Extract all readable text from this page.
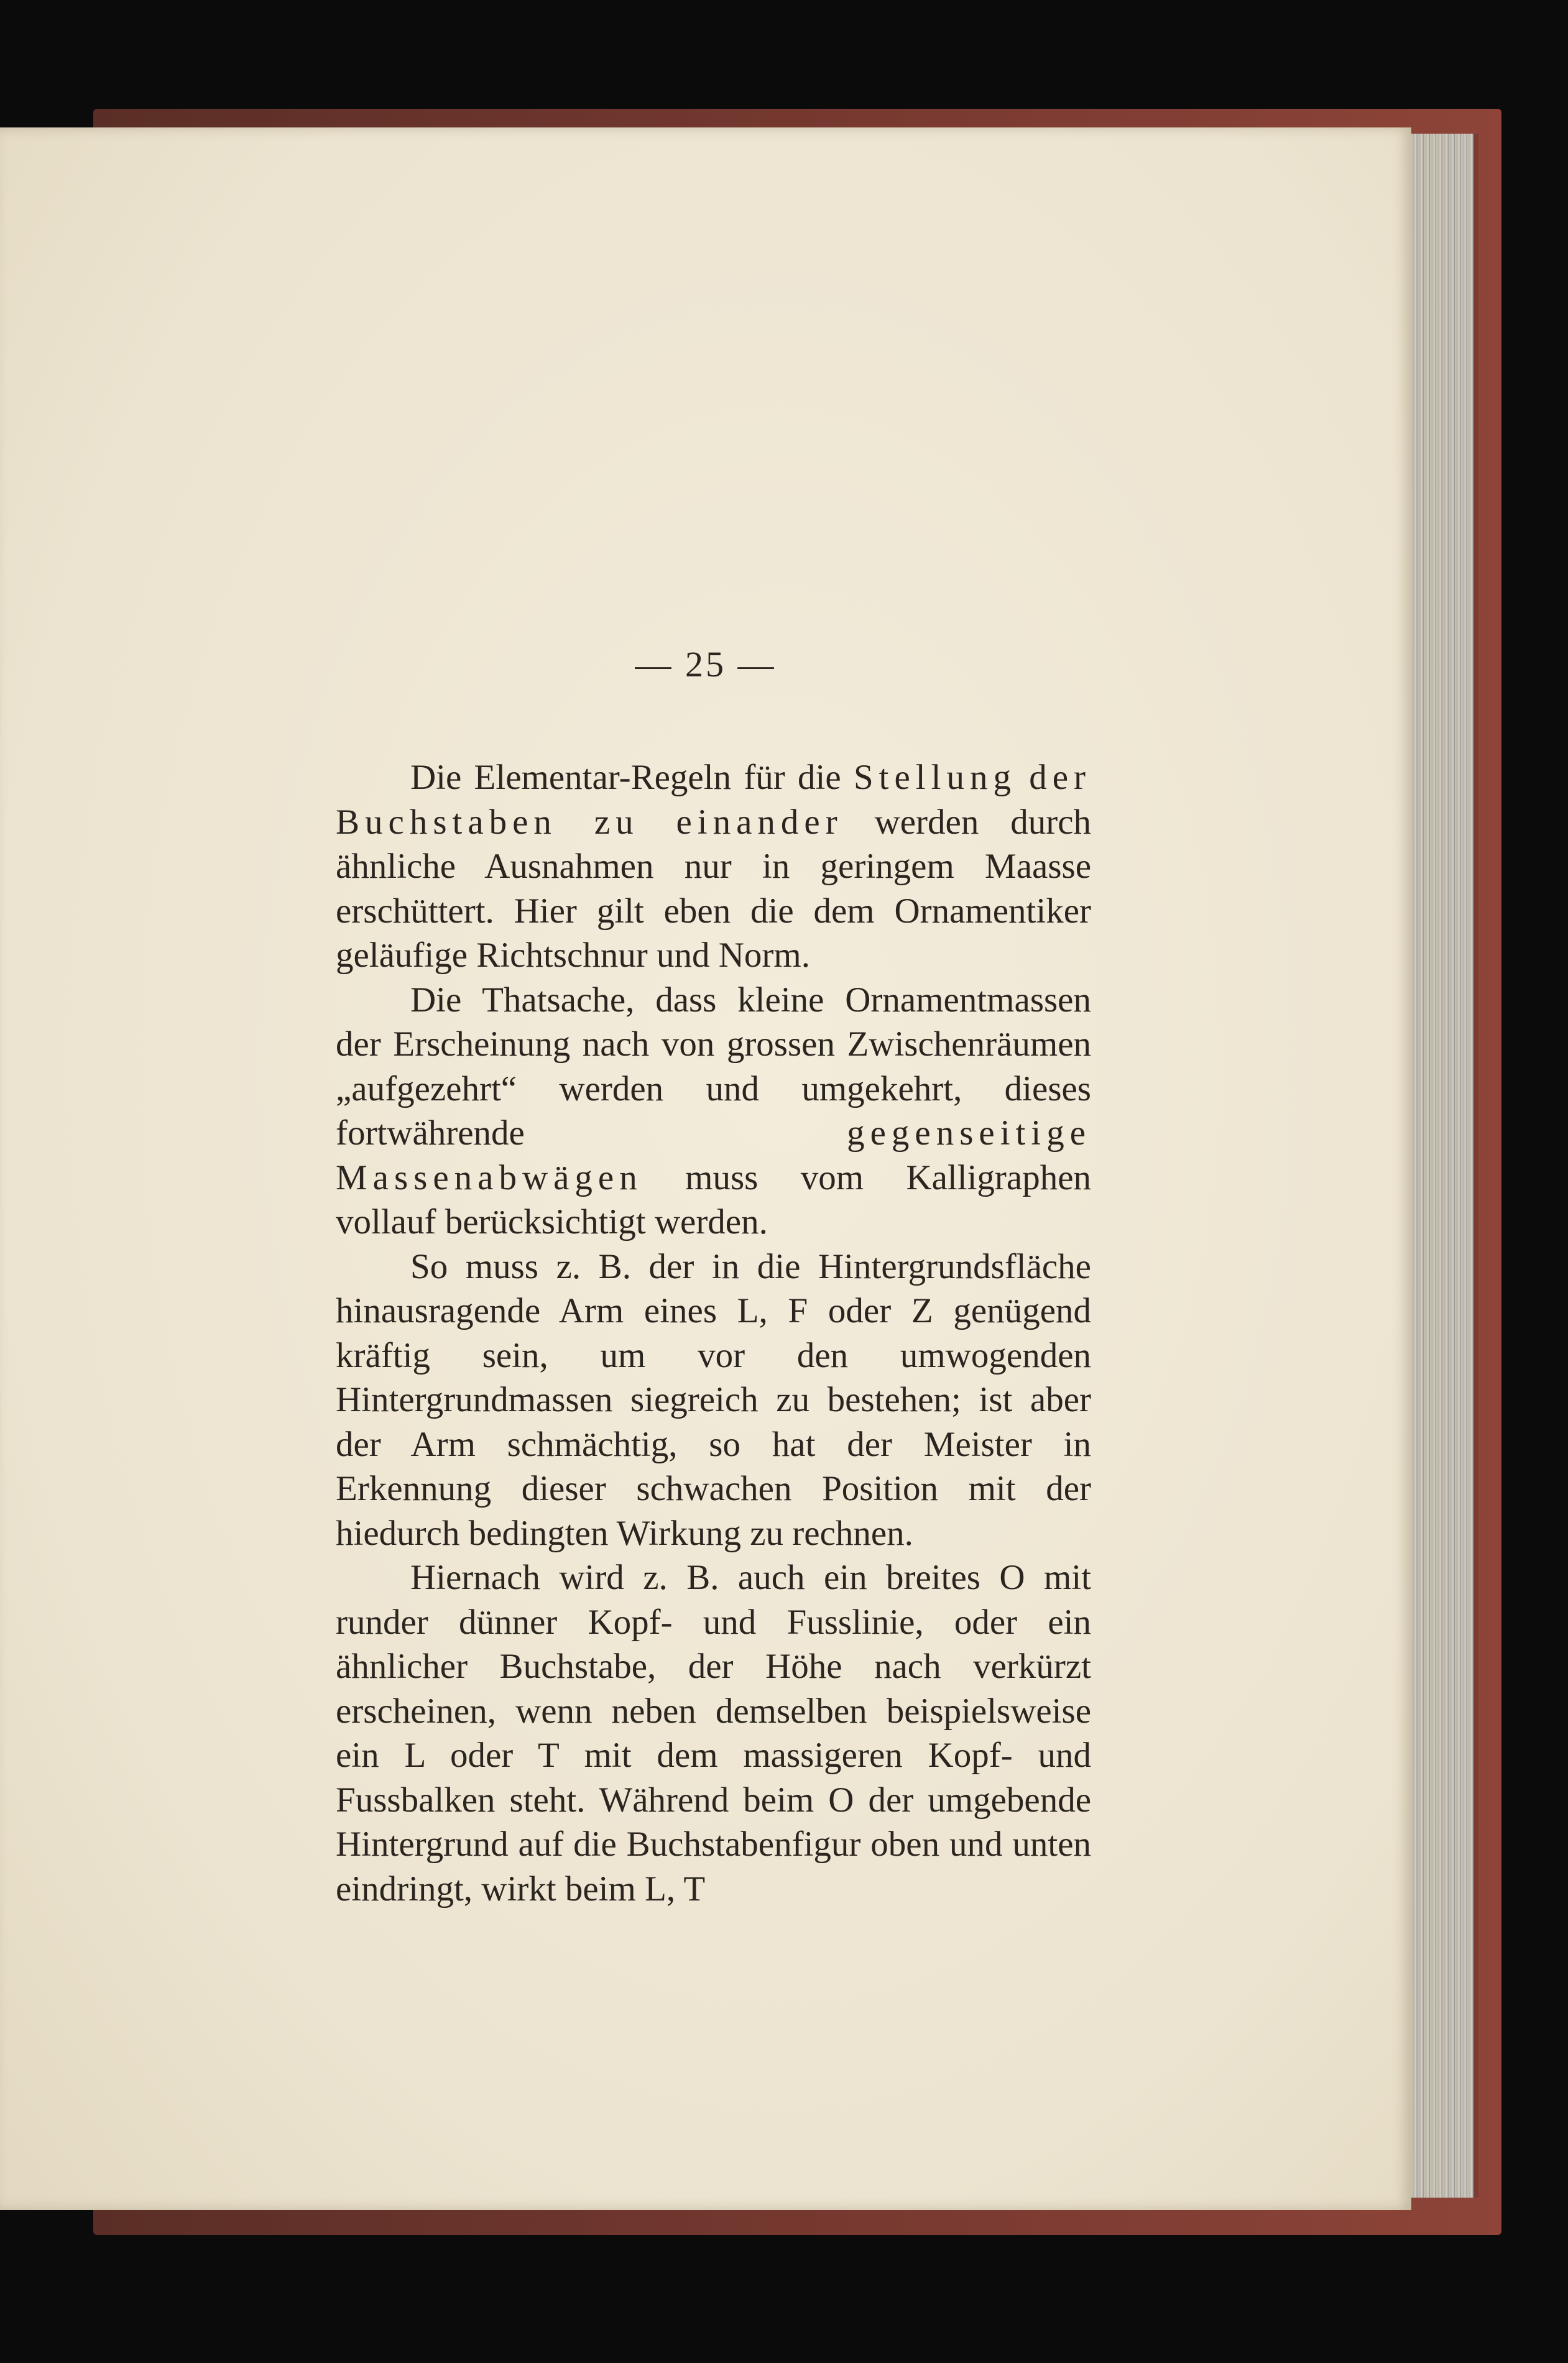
— 25 —

Die Elementar-Regeln für die Stellung der Buchstaben zu einander werden durch ähnliche Ausnahmen nur in geringem Maasse erschüttert. Hier gilt eben die dem Ornamentiker geläufige Richtschnur und Norm.

Die Thatsache, dass kleine Ornamentmassen der Erscheinung nach von grossen Zwischenräumen „aufgezehrt“ werden und umgekehrt, dieses fortwährende gegenseitige Massenabwägen muss vom Kalligraphen vollauf berücksichtigt werden.

So muss z. B. der in die Hintergrundsfläche hinausragende Arm eines L, F oder Z genügend kräftig sein, um vor den umwogenden Hintergrundmassen siegreich zu bestehen; ist aber der Arm schmächtig, so hat der Meister in Erkennung dieser schwachen Position mit der hiedurch bedingten Wirkung zu rechnen.

Hiernach wird z. B. auch ein breites O mit runder dünner Kopf- und Fusslinie, oder ein ähnlicher Buchstabe, der Höhe nach verkürzt erscheinen, wenn neben demselben beispielsweise ein L oder T mit dem massigeren Kopf- und Fussbalken steht. Während beim O der umgebende Hintergrund auf die Buchstabenfigur oben und unten eindringt, wirkt beim L, T
